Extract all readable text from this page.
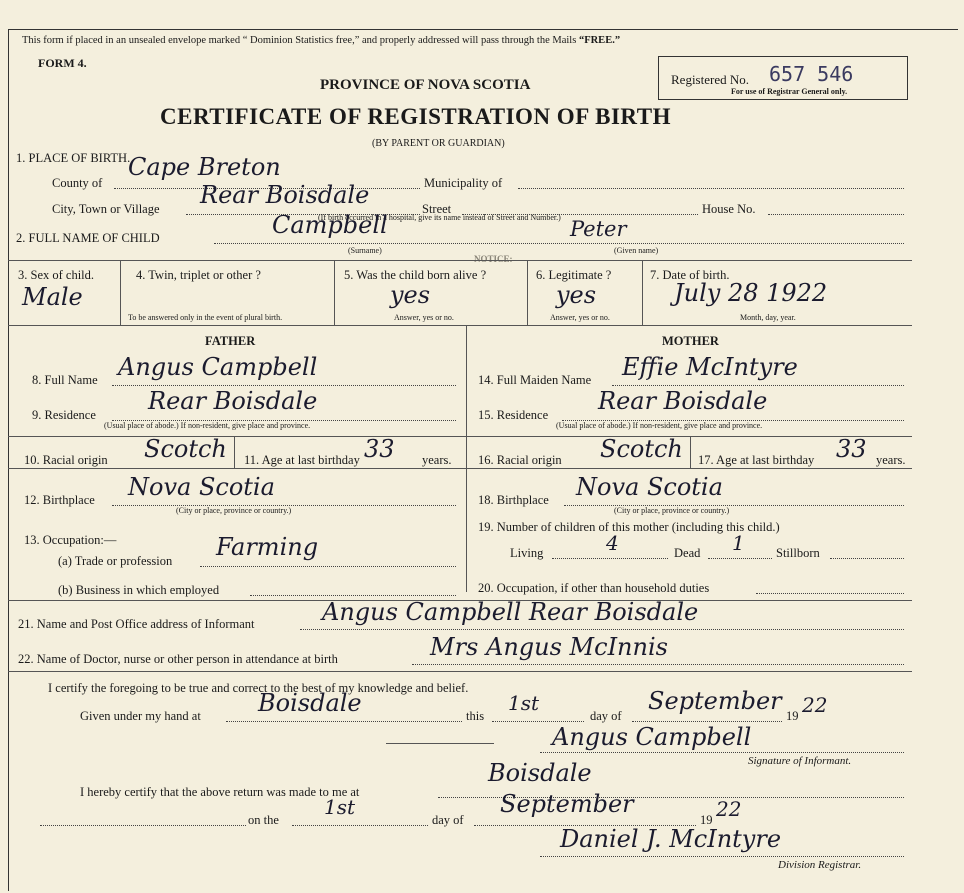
This form if placed in an unsealed envelope marked “ Dominion Statistics free,” and properly addressed will pass through the Mails “FREE.”
FORM 4.
Registered No. 657 546
For use of Registrar General only.
PROVINCE OF NOVA SCOTIA
CERTIFICATE OF REGISTRATION OF BIRTH
(BY PARENT OR GUARDIAN)
1. PLACE OF BIRTH.
County of
Cape Breton
Municipality of
City, Town or Village Rear Boisdale
(If birth occurred in a hospital, give its name instead of Street and Number.)
Street	House No.
2. FULL NAME OF CHILD	Campbell	Peter
(Surname)	(Given name)
NOTICE:
3. Sex of child.
Male
4. Twin, triplet or other ?
To be answered only in the event of plural birth.
5. Was the child born alive ?
yes
Answer, yes or no.
6. Legitimate ?
yes
Answer, yes or no.
7. Date of birth.
July 28 1922
Month, day, year.
FATHER	MOTHER
8. Full Name Angus Campbell
9. Residence Rear Boisdale
(Usual place of abode.) If non-resident, give place and province.
10. Racial origin Scotch 11. Age at last birthday 33 years.
12. Birthplace Nova Scotia
(City or place, province or country.)
13. Occupation:—
(a) Trade or profession Farming
(b) Business in which employed
14. Full Maiden Name Effie McIntyre
15. Residence Rear Boisdale
(Usual place of abode.) If non-resident, give place and province.
16. Racial origin Scotch 17. Age at last birthday 33 years.
18. Birthplace Nova Scotia
(City or place, province or country.)
19. Number of children of this mother (including this child.)
Living	4	Dead 1	Stillborn
20. Occupation, if other than household duties
21. Name and Post Office address of Informant	Angus Campbell Rear Boisdale
22. Name of Doctor, nurse or other person in attendance at birth	Mrs Angus McInnis
I certify the foregoing to be true and correct to the best of my knowledge and belief.
Given under my hand at Boisdale	this
1st
day of
September
19 22
Angus Campbell
Signature of Informant.
I hereby certify that the above return was made to me at
Boisdale
on the
1st
day of
September
19 22
Daniel J. McIntyre
Division Registrar.
